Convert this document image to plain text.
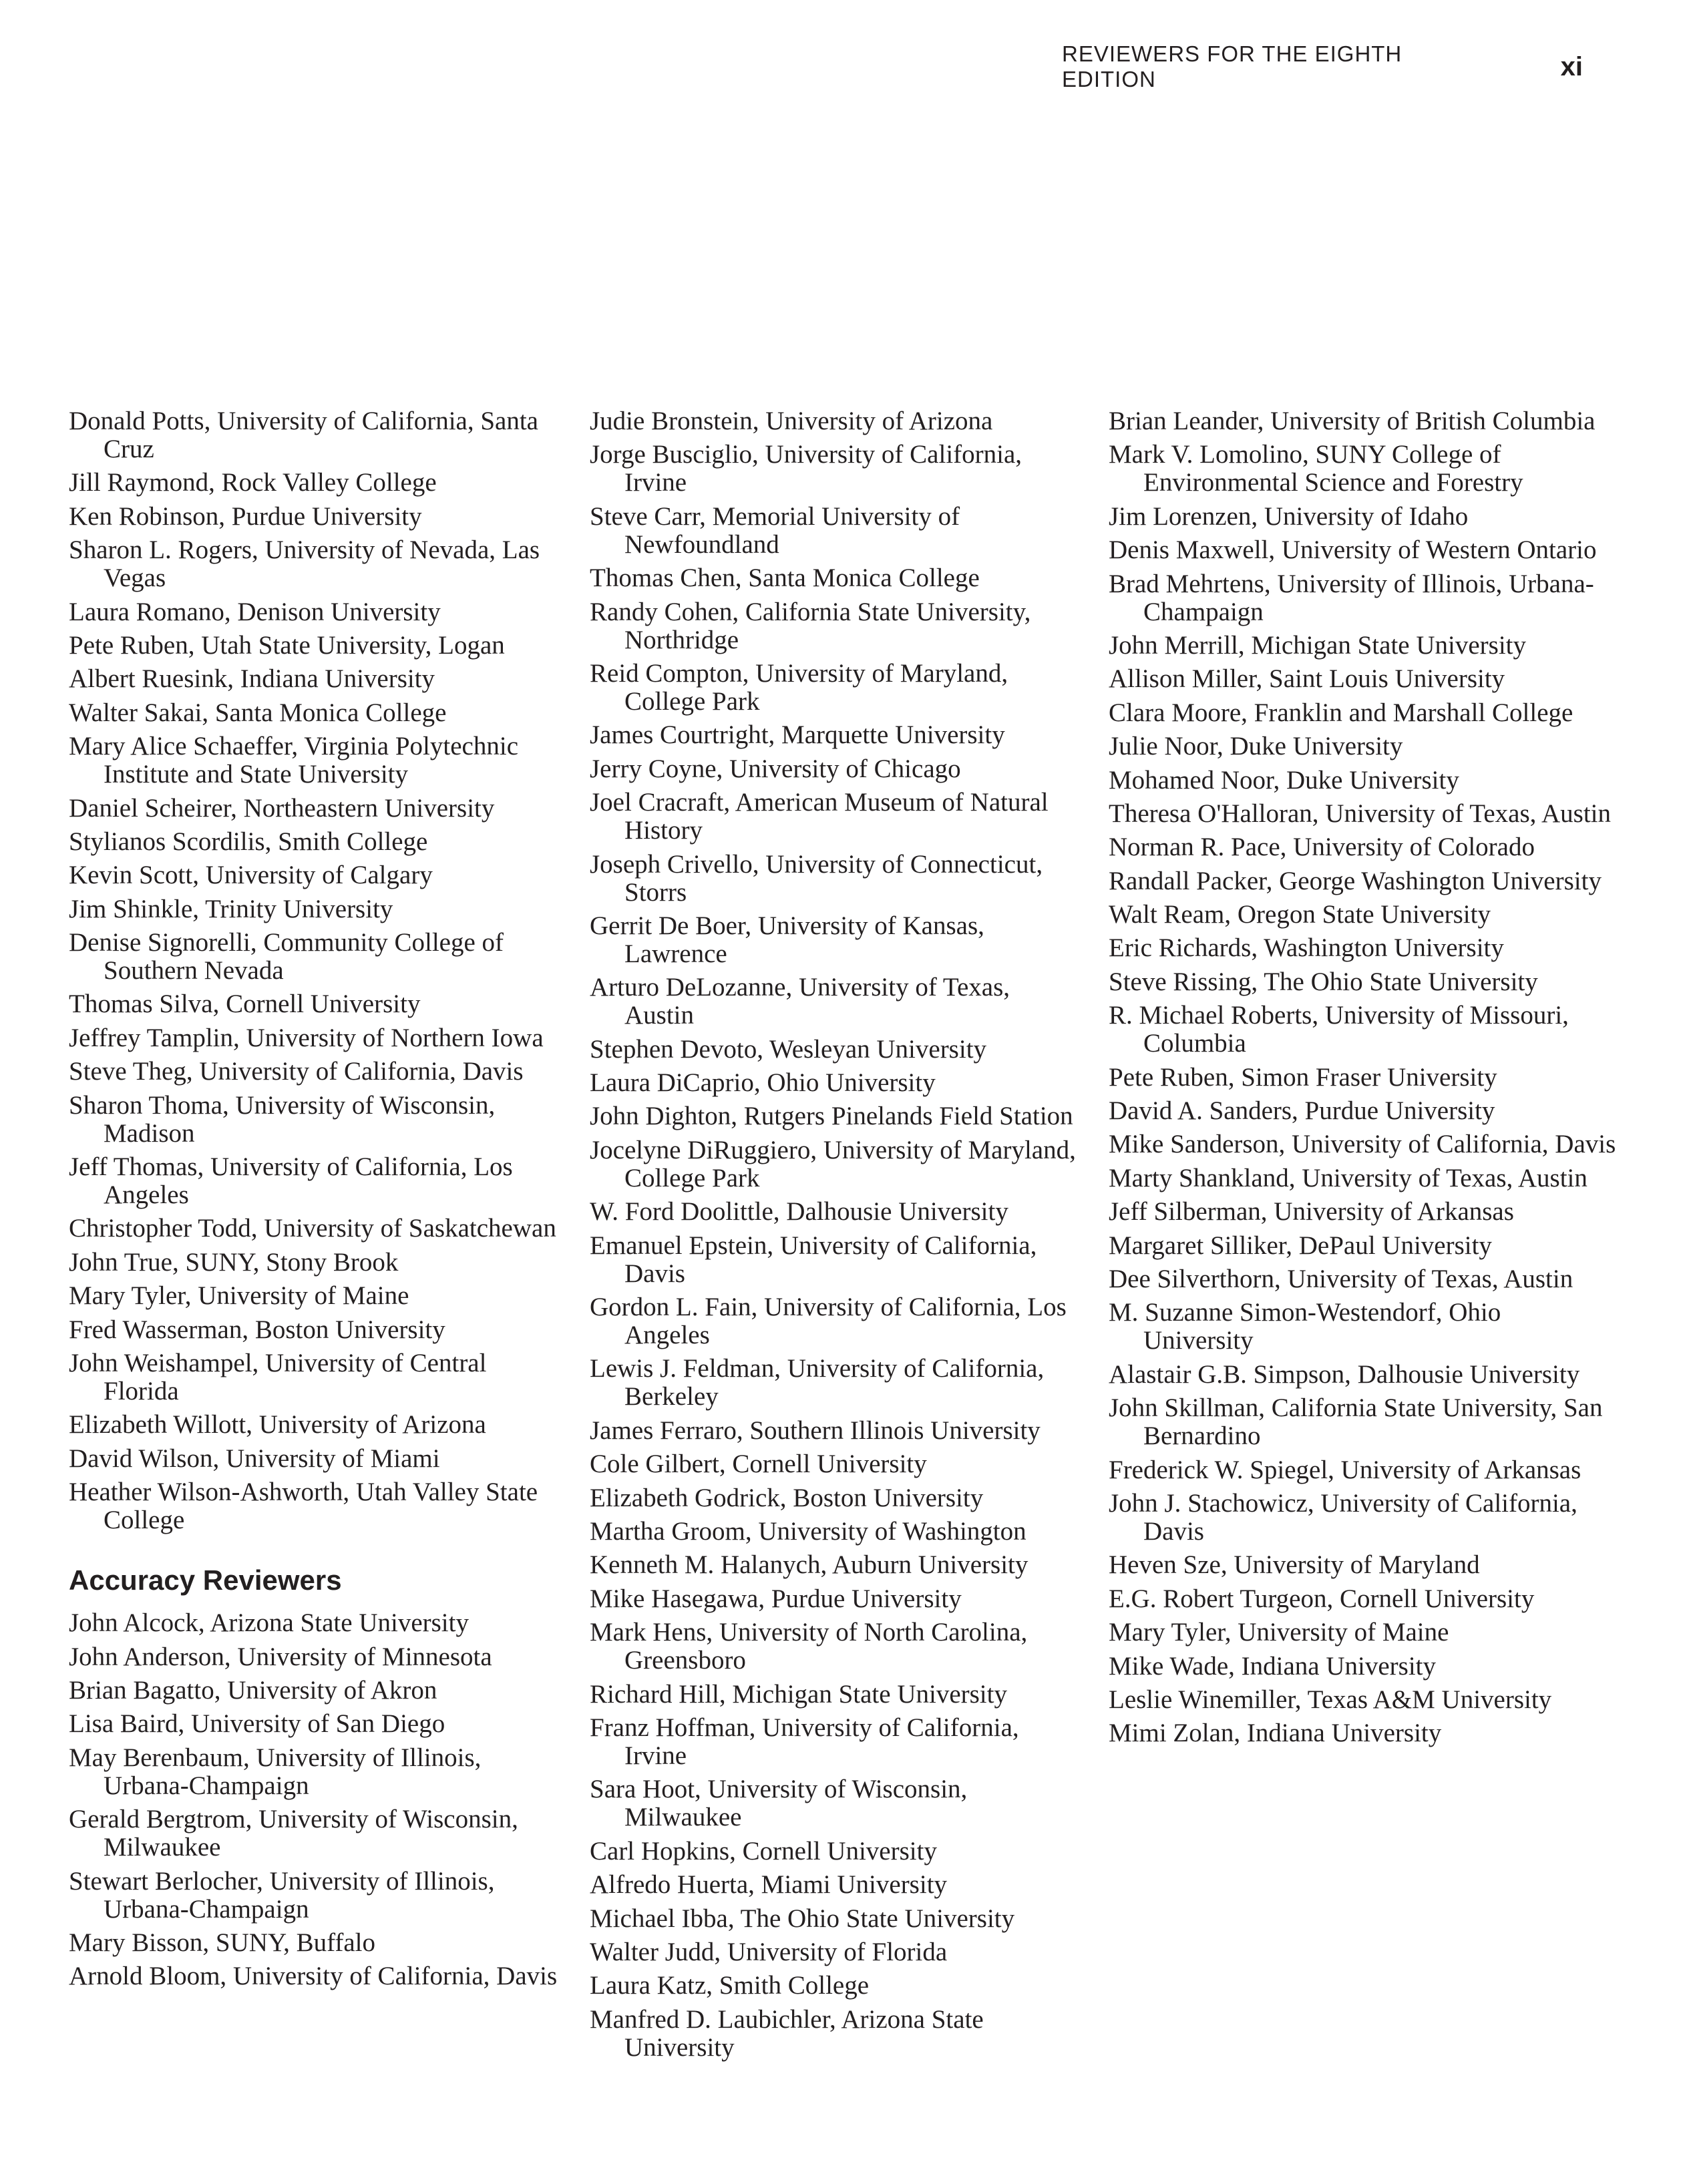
REVIEWERS FOR THE EIGHTH EDITION	xi
Donald Potts, University of California, Santa Cruz
Jill Raymond, Rock Valley College
Ken Robinson, Purdue University
Sharon L. Rogers, University of Nevada, Las Vegas
Laura Romano, Denison University
Pete Ruben, Utah State University, Logan
Albert Ruesink, Indiana University
Walter Sakai, Santa Monica College
Mary Alice Schaeffer, Virginia Polytechnic Institute and State University
Daniel Scheirer, Northeastern University
Stylianos Scordilis, Smith College
Kevin Scott, University of Calgary
Jim Shinkle, Trinity University
Denise Signorelli, Community College of Southern Nevada
Thomas Silva, Cornell University
Jeffrey Tamplin, University of Northern Iowa
Steve Theg, University of California, Davis
Sharon Thoma, University of Wisconsin, Madison
Jeff Thomas, University of California, Los Angeles
Christopher Todd, University of Saskatchewan
John True, SUNY, Stony Brook
Mary Tyler, University of Maine
Fred Wasserman, Boston University
John Weishampel, University of Central Florida
Elizabeth Willott, University of Arizona
David Wilson, University of Miami
Heather Wilson-Ashworth, Utah Valley State College
Accuracy Reviewers
John Alcock, Arizona State University
John Anderson, University of Minnesota
Brian Bagatto, University of Akron
Lisa Baird, University of San Diego
May Berenbaum, University of Illinois, Urbana-Champaign
Gerald Bergtrom, University of Wisconsin, Milwaukee
Stewart Berlocher, University of Illinois, Urbana-Champaign
Mary Bisson, SUNY, Buffalo
Arnold Bloom, University of California, Davis
Judie Bronstein, University of Arizona
Jorge Busciglio, University of California, Irvine
Steve Carr, Memorial University of Newfoundland
Thomas Chen, Santa Monica College
Randy Cohen, California State University, Northridge
Reid Compton, University of Maryland, College Park
James Courtright, Marquette University
Jerry Coyne, University of Chicago
Joel Cracraft, American Museum of Natural History
Joseph Crivello, University of Connecticut, Storrs
Gerrit De Boer, University of Kansas, Lawrence
Arturo DeLozanne, University of Texas, Austin
Stephen Devoto, Wesleyan University
Laura DiCaprio, Ohio University
John Dighton, Rutgers Pinelands Field Station
Jocelyne DiRuggiero, University of Maryland, College Park
W. Ford Doolittle, Dalhousie University
Emanuel Epstein, University of California, Davis
Gordon L. Fain, University of California, Los Angeles
Lewis J. Feldman, University of California, Berkeley
James Ferraro, Southern Illinois University
Cole Gilbert, Cornell University
Elizabeth Godrick, Boston University
Martha Groom, University of Washington
Kenneth M. Halanych, Auburn University
Mike Hasegawa, Purdue University
Mark Hens, University of North Carolina, Greensboro
Richard Hill, Michigan State University
Franz Hoffman, University of California, Irvine
Sara Hoot, University of Wisconsin, Milwaukee
Carl Hopkins, Cornell University
Alfredo Huerta, Miami University
Michael Ibba, The Ohio State University
Walter Judd, University of Florida
Laura Katz, Smith College
Manfred D. Laubichler, Arizona State University
Brian Leander, University of British Columbia
Mark V. Lomolino, SUNY College of Environmental Science and Forestry
Jim Lorenzen, University of Idaho
Denis Maxwell, University of Western Ontario
Brad Mehrtens, University of Illinois, Urbana-Champaign
John Merrill, Michigan State University
Allison Miller, Saint Louis University
Clara Moore, Franklin and Marshall College
Julie Noor, Duke University
Mohamed Noor, Duke University
Theresa O'Halloran, University of Texas, Austin
Norman R. Pace, University of Colorado
Randall Packer, George Washington University
Walt Ream, Oregon State University
Eric Richards, Washington University
Steve Rissing, The Ohio State University
R. Michael Roberts, University of Missouri, Columbia
Pete Ruben, Simon Fraser University
David A. Sanders, Purdue University
Mike Sanderson, University of California, Davis
Marty Shankland, University of Texas, Austin
Jeff Silberman, University of Arkansas
Margaret Silliker, DePaul University
Dee Silverthorn, University of Texas, Austin
M. Suzanne Simon-Westendorf, Ohio University
Alastair G.B. Simpson, Dalhousie University
John Skillman, California State University, San Bernardino
Frederick W. Spiegel, University of Arkansas
John J. Stachowicz, University of California, Davis
Heven Sze, University of Maryland
E.G. Robert Turgeon, Cornell University
Mary Tyler, University of Maine
Mike Wade, Indiana University
Leslie Winemiller, Texas A&M University
Mimi Zolan, Indiana University
